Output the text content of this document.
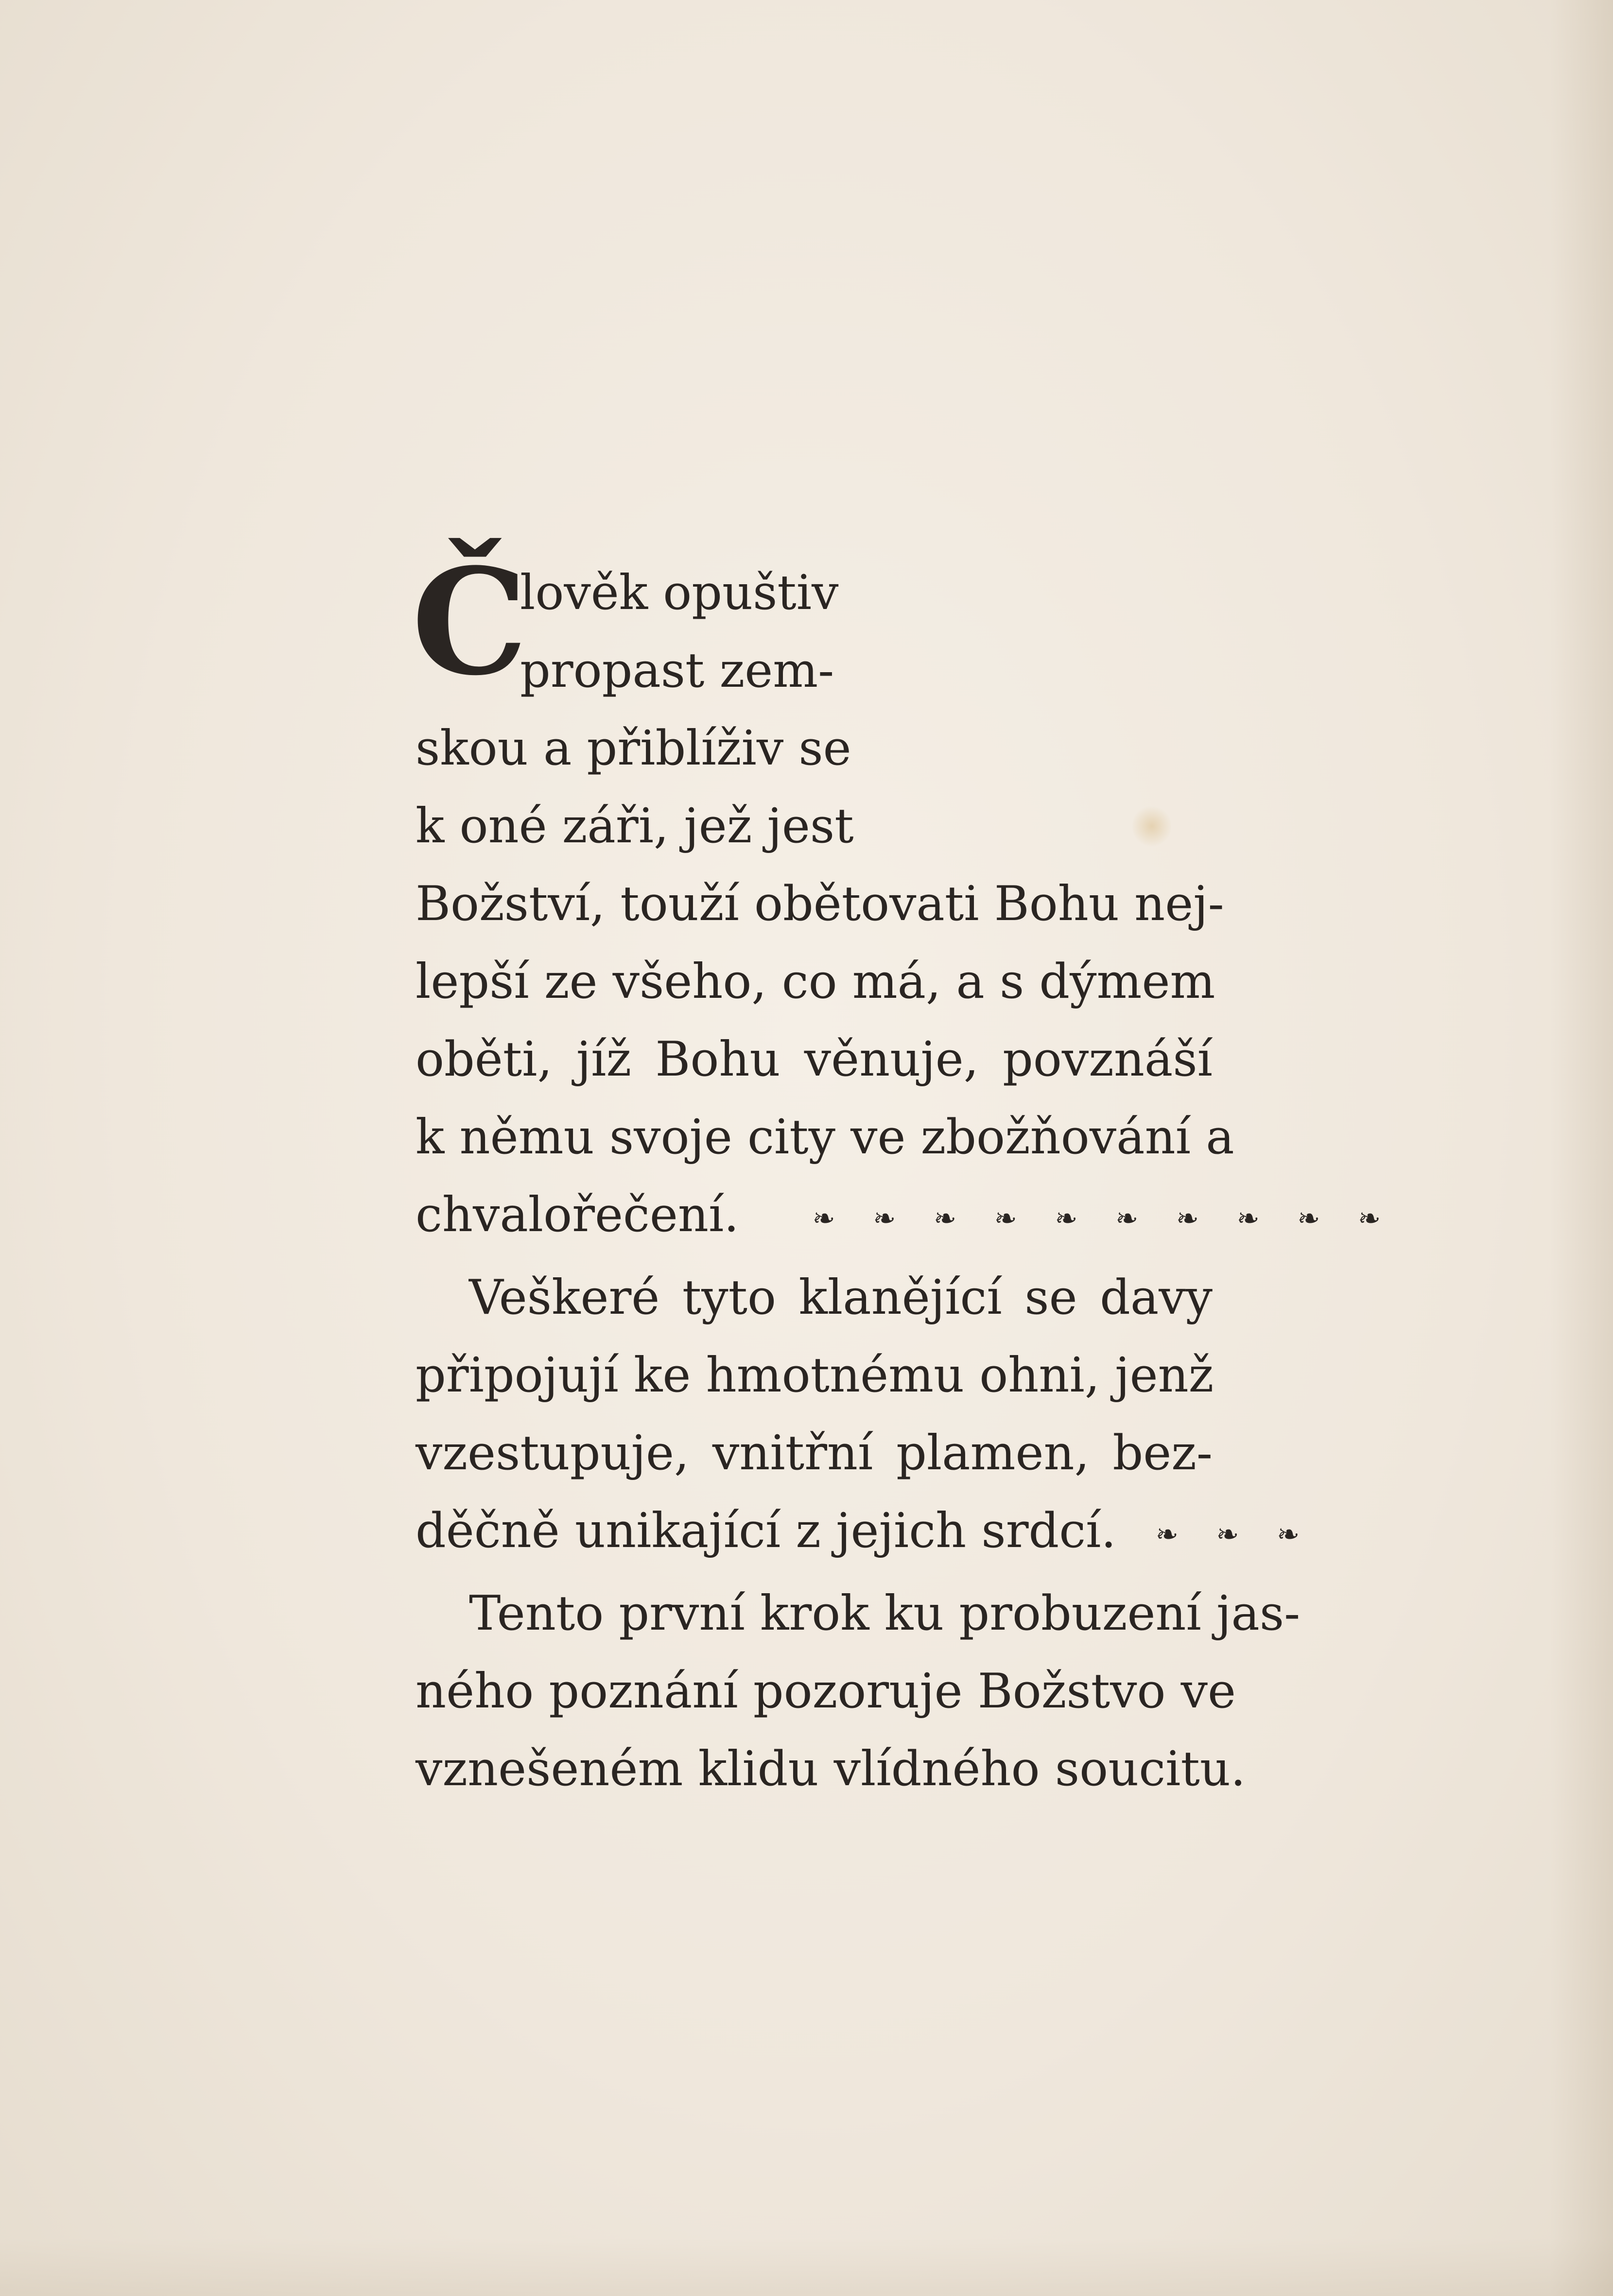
Č
lověk opuštiv
propast zem-
skou a přiblíživ se
k oné záři, jež jest
Božství, touží obětovati Bohu nej-
lepší ze všeho, co má, a s dýmem
oběti, jíž Bohu věnuje, povznáší
k němu svoje city ve zbožňování a
chvalořečení.	❧ ❧ ❧ ❧ ❧ ❧ ❧ ❧ ❧ ❧
Veškeré tyto klanějící se davy
připojují ke hmotnému ohni, jenž
vzestupuje, vnitřní plamen, bez-
děčně unikající z jejich srdcí. ❧ ❧ ❧
Tento první krok ku probuzení jas-
ného poznání pozoruje Božstvo ve
vznešeném klidu vlídného soucitu.
